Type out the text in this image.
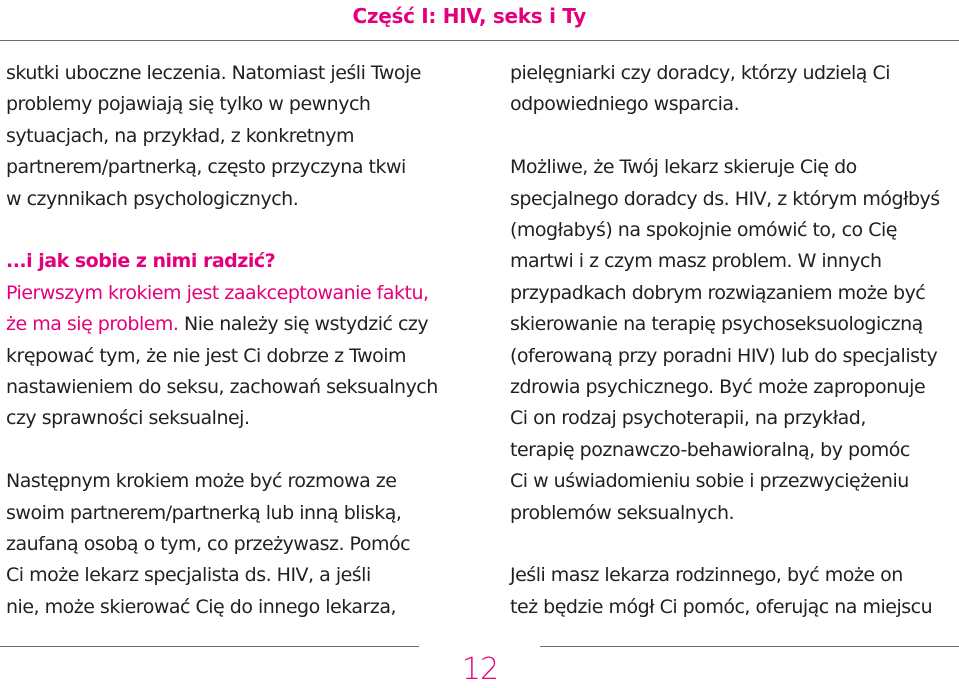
Część I: HIV, seks i Ty

skutki uboczne leczenia. Natomiast jeśli Twoje
problemy pojawiają się tylko w pewnych
sytuacjach, na przykład, z konkretnym
partnerem/partnerką, często przyczyna tkwi
w czynnikach psychologicznych.

...i jak sobie z nimi radzić?
Pierwszym krokiem jest zaakceptowanie faktu,
że ma się problem. Nie należy się wstydzić czy
krępować tym, że nie jest Ci dobrze z Twoim
nastawieniem do seksu, zachowań seksualnych
czy sprawności seksualnej.

Następnym krokiem może być rozmowa ze
swoim partnerem/partnerką lub inną bliską,
zaufaną osobą o tym, co przeżywasz. Pomóc
Ci może lekarz specjalista ds. HIV, a jeśli
nie, może skierować Cię do innego lekarza,

pielęgniarki czy doradcy, którzy udzielą Ci
odpowiedniego wsparcia.

Możliwe, że Twój lekarz skieruje Cię do
specjalnego doradcy ds. HIV, z którym mógłbyś
(mogłabyś) na spokojnie omówić to, co Cię
martwi i z czym masz problem. W innych
przypadkach dobrym rozwiązaniem może być
skierowanie na terapię psychoseksuologiczną
(oferowaną przy poradni HIV) lub do specjalisty
zdrowia psychicznego. Być może zaproponuje
Ci on rodzaj psychoterapii, na przykład,
terapię poznawczo-behawioralną, by pomóc
Ci w uświadomieniu sobie i przezwyciężeniu
problemów seksualnych.

Jeśli masz lekarza rodzinnego, być może on
też będzie mógł Ci pomóc, oferując na miejscu

12
